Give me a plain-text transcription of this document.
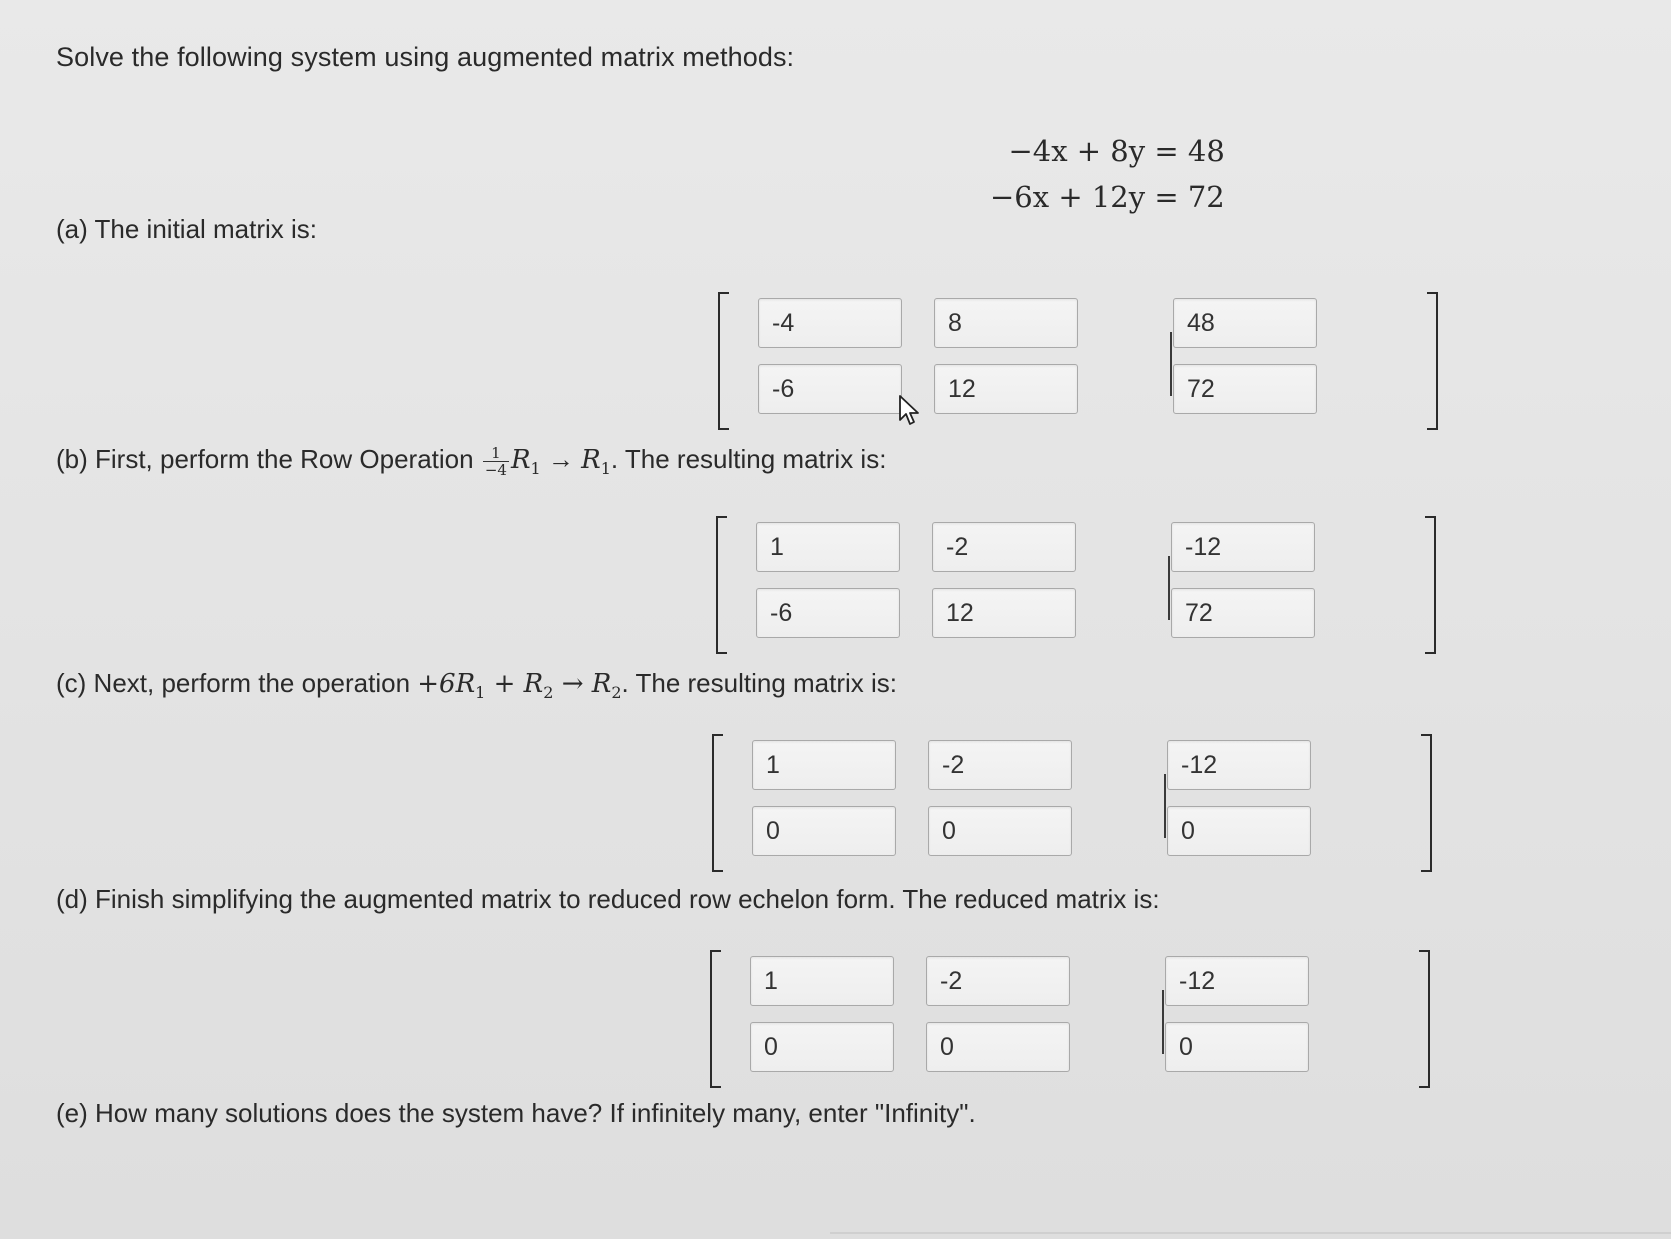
Solve the following system using augmented matrix methods:
−4x + 8y = 48
−6x + 12y = 72
(a) The initial matrix is:
-4
8
48
-6
12
72
(b) First, perform the Row Operation $\frac{1}{-4} R_1 \to R_1$. The resulting matrix is:
1
-2
-12
-6
12
72
(c) Next, perform the operation $+6R_1 + R_2 \to R_2$. The resulting matrix is:
1
-2
-12
0
0
0
(d) Finish simplifying the augmented matrix to reduced row echelon form. The reduced matrix is:
1
-2
-12
0
0
0
(e) How many solutions does the system have? If infinitely many, enter "Infinity".
